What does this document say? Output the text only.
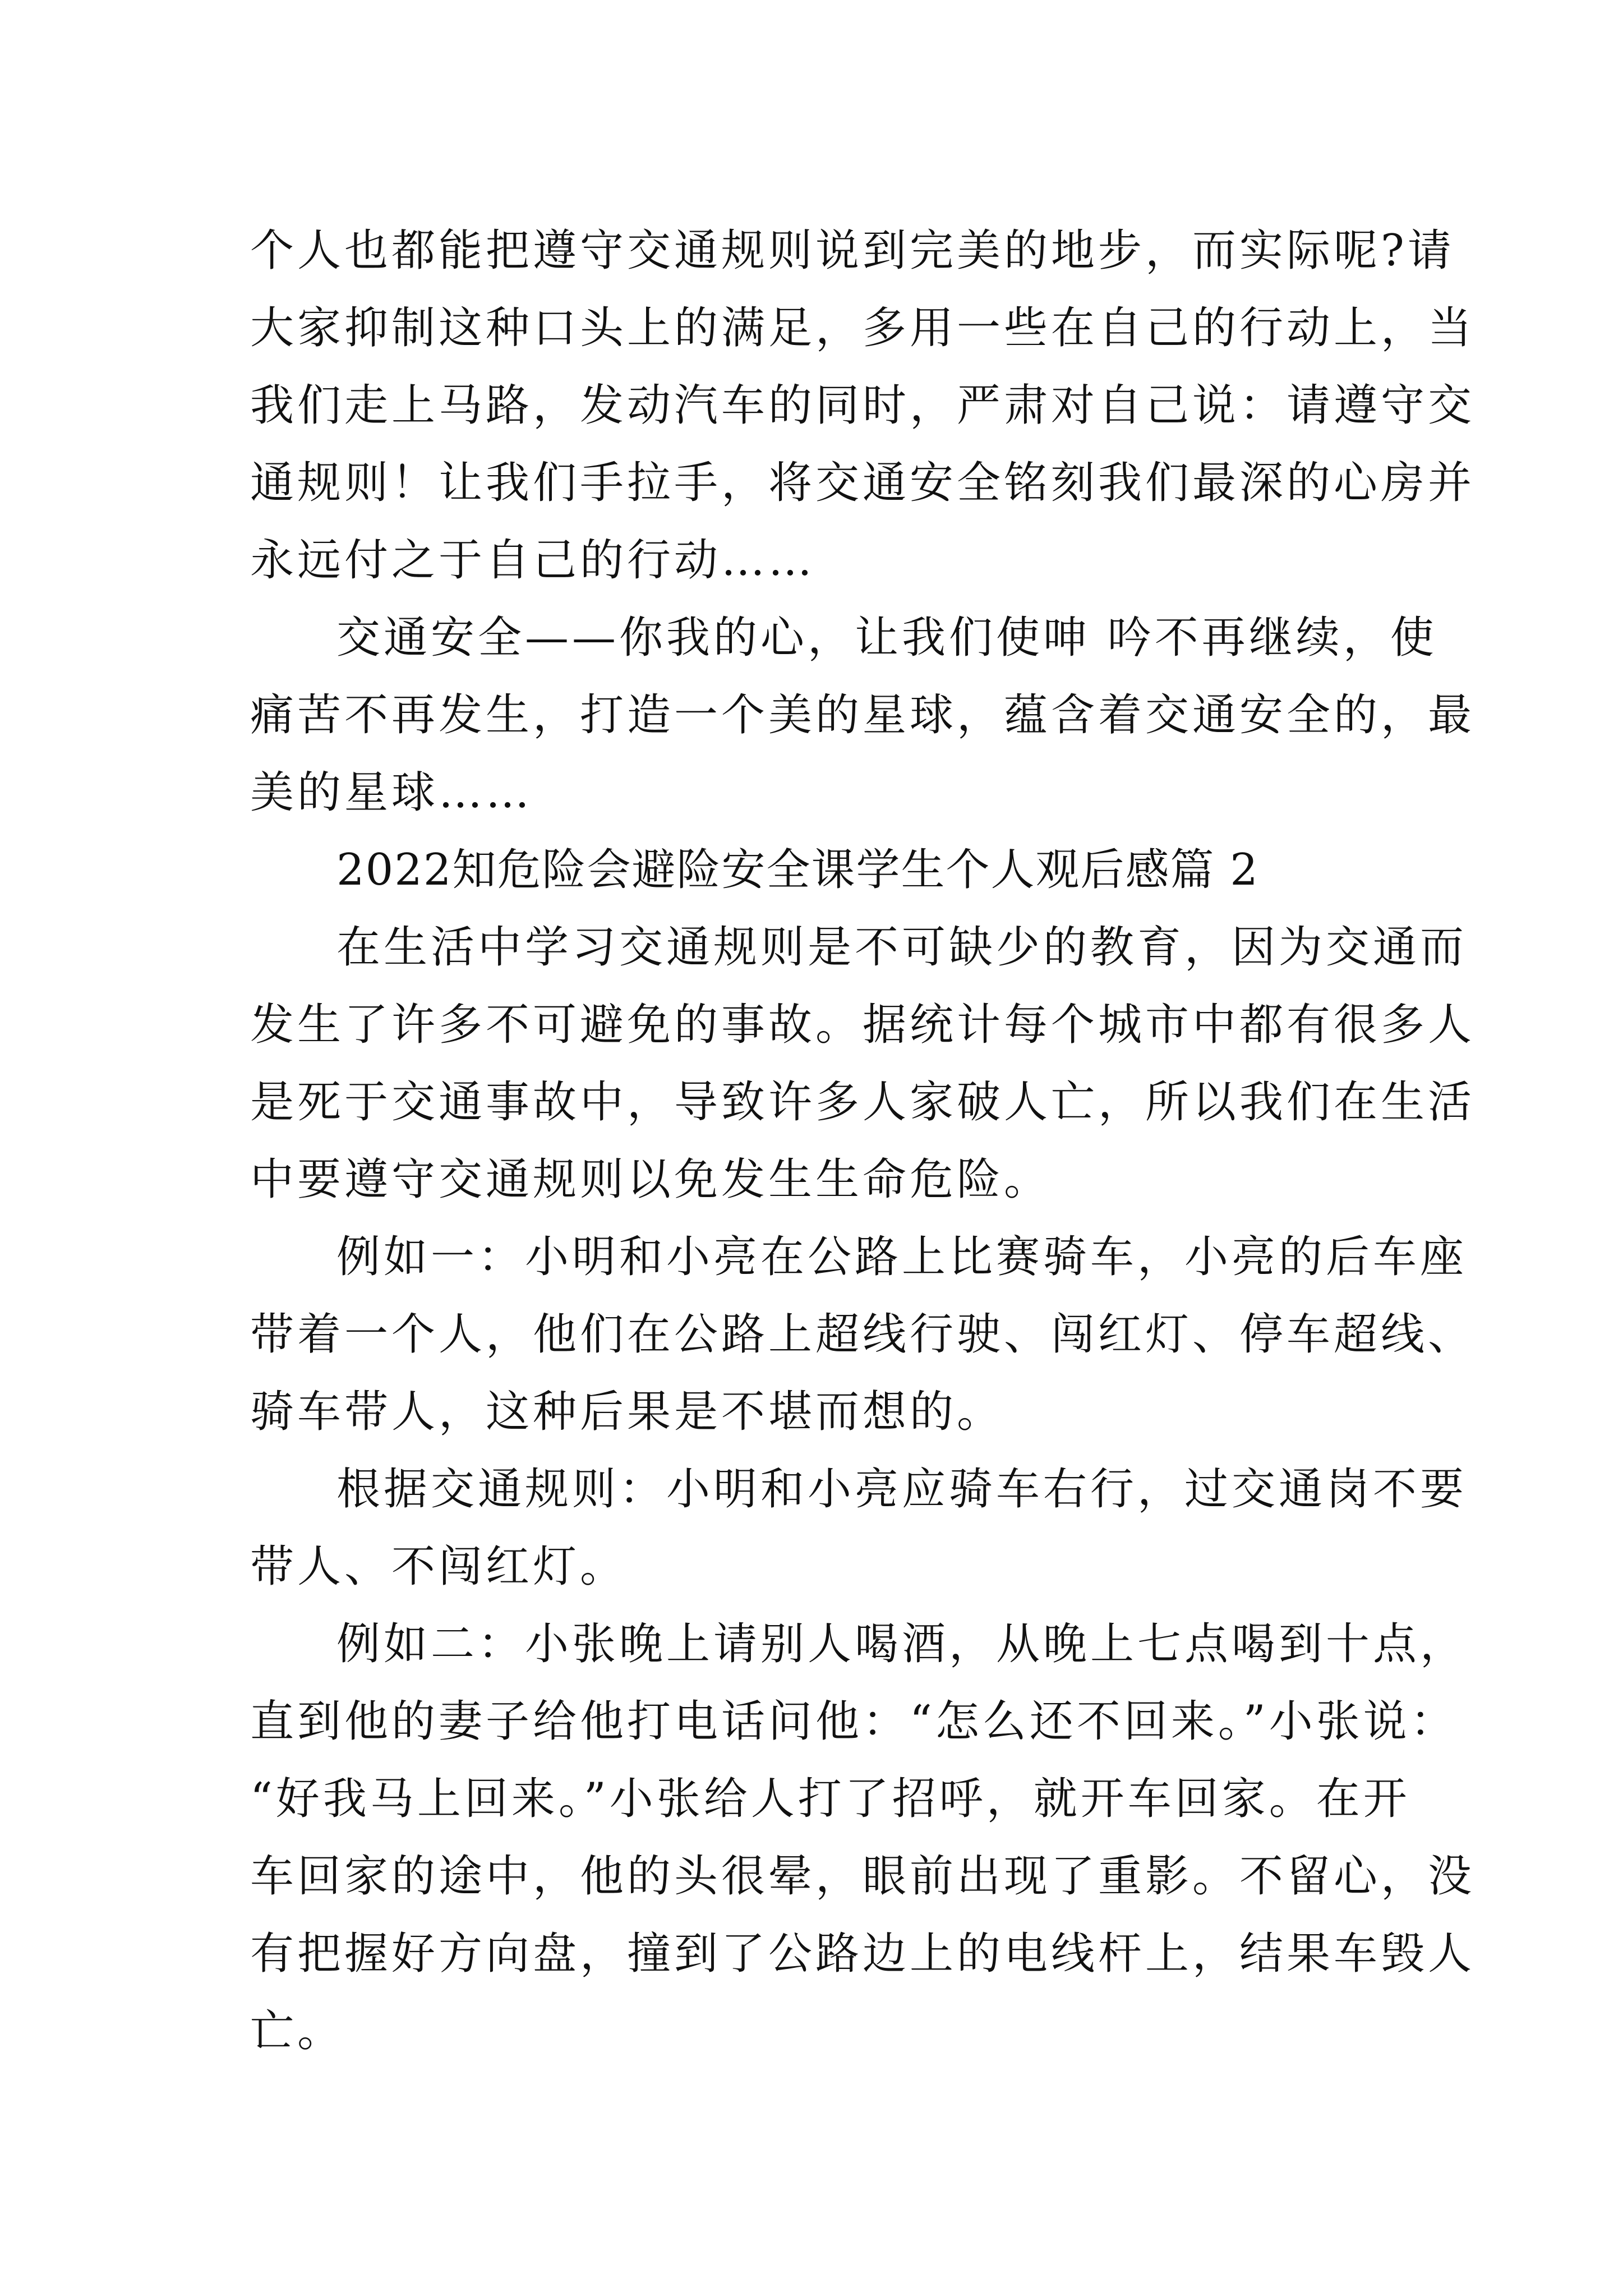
个人也都能把遵守交通规则说到完美的地步，而实际呢?请
大家抑制这种口头上的满足，多用一些在自己的行动上，当
我们走上马路，发动汽车的同时，严肃对自己说：请遵守交
通规则！让我们手拉手，将交通安全铭刻我们最深的心房并
永远付之于自己的行动……
交通安全——你我的心，让我们使呻 吟不再继续，使
痛苦不再发生，打造一个美的星球，蕴含着交通安全的，最
美的星球……
2022知危险会避险安全课学生个人观后感篇 2
在生活中学习交通规则是不可缺少的教育，因为交通而
发生了许多不可避免的事故。据统计每个城市中都有很多人
是死于交通事故中，导致许多人家破人亡，所以我们在生活
中要遵守交通规则以免发生生命危险。
例如一：小明和小亮在公路上比赛骑车，小亮的后车座
带着一个人，他们在公路上超线行驶、闯红灯、停车超线、
骑车带人，这种后果是不堪而想的。
根据交通规则：小明和小亮应骑车右行，过交通岗不要
带人、不闯红灯。
例如二：小张晚上请别人喝酒，从晚上七点喝到十点，
直到他的妻子给他打电话问他：“怎么还不回来。”小张说：
“好我马上回来。”小张给人打了招呼，就开车回家。在开
车回家的途中，他的头很晕，眼前出现了重影。不留心，没
有把握好方向盘，撞到了公路边上的电线杆上，结果车毁人
亡。
